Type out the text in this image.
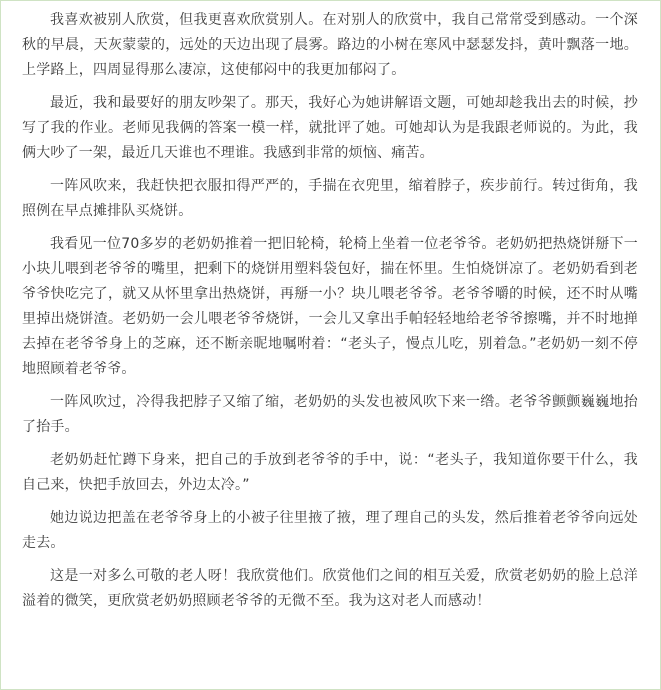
我喜欢被别人欣赏，但我更喜欢欣赏别人。在对别人的欣赏中，我自己常常受到感动。一个深秋的早晨，天灰蒙蒙的，远处的天边出现了晨雾。路边的小树在寒风中瑟瑟发抖，黄叶飘落一地。上学路上，四周显得那么凄凉，这使郁闷中的我更加郁闷了。

最近，我和最要好的朋友吵架了。那天，我好心为她讲解语文题，可她却趁我出去的时候，抄写了我的作业。老师见我俩的答案一模一样，就批评了她。可她却认为是我跟老师说的。为此，我俩大吵了一架，最近几天谁也不理谁。我感到非常的烦恼、痛苦。

一阵风吹来，我赶快把衣服扣得严严的，手揣在衣兜里，缩着脖子，疾步前行。转过街角，我照例在早点摊排队买烧饼。

我看见一位70多岁的老奶奶推着一把旧轮椅，轮椅上坐着一位老爷爷。老奶奶把热烧饼掰下一小块儿喂到老爷爷的嘴里，把剩下的烧饼用塑料袋包好，揣在怀里。生怕烧饼凉了。老奶奶看到老爷爷快吃完了，就又从怀里拿出热烧饼，再掰一小？块儿喂老爷爷。老爷爷嚼的时候，还不时从嘴里掉出烧饼渣。老奶奶一会儿喂老爷爷烧饼，一会儿又拿出手帕轻轻地给老爷爷擦嘴，并不时地掸去掉在老爷爷身上的芝麻，还不断亲昵地嘱咐着：“老头子，慢点儿吃，别着急。”老奶奶一刻不停地照顾着老爷爷。

一阵风吹过，冷得我把脖子又缩了缩，老奶奶的头发也被风吹下来一绺。老爷爷颤颤巍巍地抬了抬手。

老奶奶赶忙蹲下身来，把自己的手放到老爷爷的手中，说：“老头子，我知道你要干什么，我自己来，快把手放回去，外边太冷。”

她边说边把盖在老爷爷身上的小被子往里掖了掖，理了理自己的头发，然后推着老爷爷向远处走去。

这是一对多么可敬的老人呀！我欣赏他们。欣赏他们之间的相互关爱，欣赏老奶奶的脸上总洋溢着的微笑，更欣赏老奶奶照顾老爷爷的无微不至。我为这对老人而感动！
